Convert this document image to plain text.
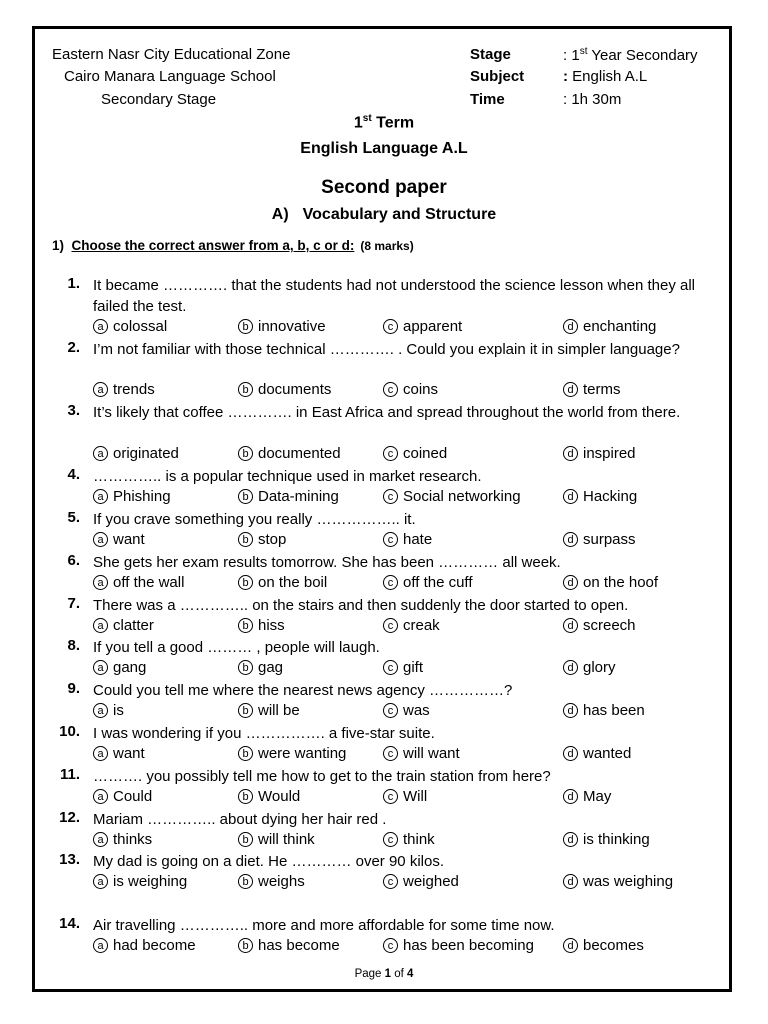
Eastern Nasr City Educational Zone
Cairo Manara Language School
Secondary Stage
Stage	: 1st Year Secondary
Subject	: English A.L
Time	: 1h 30m
1st Term
English Language A.L
Second paper
A) Vocabulary and Structure
1) Choose the correct answer from a, b, c or d: (8 marks)
1. It became …………. that the students had not understood the science lesson when they all failed the test.
a colossal	b innovative	c apparent	d enchanting
2. I’m not familiar with those technical …………. . Could you explain it in simpler language?
a trends	b documents	c coins	d terms
3. It’s likely that coffee …………. in East Africa and spread throughout the world from there.
a originated	b documented	c coined	d inspired
4. ………….. is a popular technique used in market research.
a Phishing	b Data-mining	c Social networking	d Hacking
5. If you crave something you really …………….. it.
a want	b stop	c hate	d surpass
6. She gets her exam results tomorrow. She has been ………… all week.
a off the wall	b on the boil	c off the cuff	d on the hoof
7. There was a ………….. on the stairs and then suddenly the door started to open.
a clatter	b hiss	c creak	d screech
8. If you tell a good ……… , people will laugh.
a gang	b gag	c gift	d glory
9. Could you tell me where the nearest news agency ……………?
a is	b will be	c was	d has been
10. I was wondering if you ……………. a five-star suite.
a want	b were wanting	c will want	d wanted
11. ………. you possibly tell me how to get to the train station from here?
a Could	b Would	c Will	d May
12. Mariam ………….. about dying her hair red .
a thinks	b will think	c think	d is thinking
13. My dad is going on a diet. He ………… over 90 kilos.
a is weighing	b weighs	c weighed	d was weighing
14. Air travelling ………….. more and more affordable for some time now.
a had become	b has become	c has been becoming	d becomes
Page 1 of 4
